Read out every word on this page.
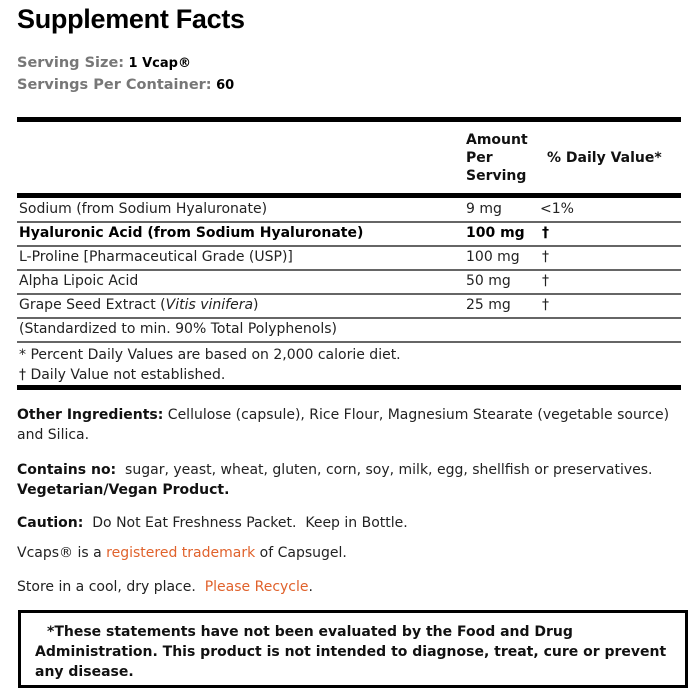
Supplement Facts
Serving Size: 1 Vcap®
Servings Per Container: 60
Amount
Per
Serving
% Daily Value*
Sodium (from Sodium Hyaluronate)	9 mg	<1%
Hyaluronic Acid (from Sodium Hyaluronate)	100 mg †
L-Proline [Pharmaceutical Grade (USP)]	100 mg †
Alpha Lipoic Acid	50 mg †
Grape Seed Extract (Vitis vinifera)	25 mg †
(Standardized to min. 90% Total Polyphenols)
* Percent Daily Values are based on 2,000 calorie diet.
† Daily Value not established.
Other Ingredients: Cellulose (capsule), Rice Flour, Magnesium Stearate (vegetable source) and Silica.
Contains no:  sugar, yeast, wheat, gluten, corn, soy, milk, egg, shellfish or preservatives.  Vegetarian/Vegan Product.
Caution:  Do Not Eat Freshness Packet.  Keep in Bottle.
Vcaps® is a registered trademark of Capsugel.
Store in a cool, dry place.  Please Recycle.

*These statements have not been evaluated by the Food and Drug Administration. This product is not intended to diagnose, treat, cure or prevent any disease.
